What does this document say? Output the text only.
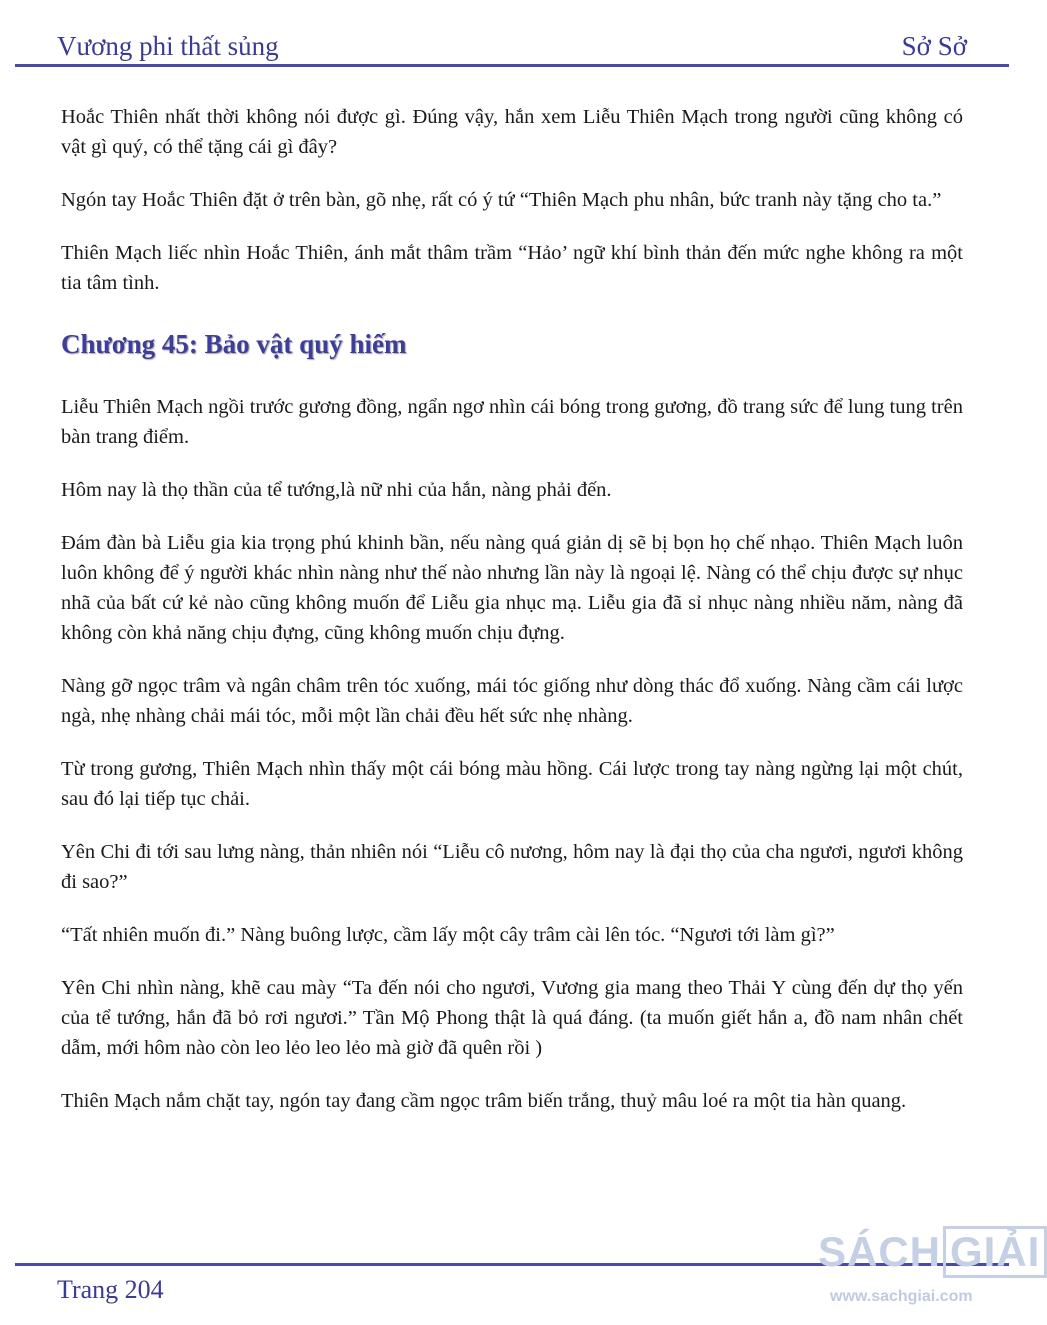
Vương phi thất sủng	Sở Sở

Hoắc Thiên nhất thời không nói được gì. Đúng vậy, hắn xem Liễu Thiên Mạch trong người cũng không có vật gì quý, có thể tặng cái gì đây?

Ngón tay Hoắc Thiên đặt ở trên bàn, gõ nhẹ, rất có ý tứ “Thiên Mạch phu nhân, bức tranh này tặng cho ta.”

Thiên Mạch liếc nhìn Hoắc Thiên, ánh mắt thâm trầm “Hảo’ ngữ khí bình thản đến mức nghe không ra một tia tâm tình.

Chương 45: Bảo vật quý hiếm

Liễu Thiên Mạch ngồi trước gương đồng, ngẩn ngơ nhìn cái bóng trong gương, đồ trang sức để lung tung trên bàn trang điểm.

Hôm nay là thọ thần của tể tướng,là nữ nhi của hắn, nàng phải đến.

Đám đàn bà Liễu gia kia trọng phú khinh bần, nếu nàng quá giản dị sẽ bị bọn họ chế nhạo. Thiên Mạch luôn luôn không để ý người khác nhìn nàng như thế nào nhưng lần này là ngoại lệ. Nàng có thể chịu được sự nhục nhã của bất cứ kẻ nào cũng không muốn để Liễu gia nhục mạ. Liễu gia đã sỉ nhục nàng nhiều năm, nàng đã không còn khả năng chịu đựng, cũng không muốn chịu đựng.

Nàng gỡ ngọc trâm và ngân châm trên tóc xuống, mái tóc giống như dòng thác đổ xuống. Nàng cầm cái lược ngà, nhẹ nhàng chải mái tóc, mỗi một lần chải đều hết sức nhẹ nhàng.

Từ trong gương, Thiên Mạch nhìn thấy một cái bóng màu hồng. Cái lược trong tay nàng ngừng lại một chút, sau đó lại tiếp tục chải.

Yên Chi đi tới sau lưng nàng, thản nhiên nói “Liễu cô nương, hôm nay là đại thọ của cha ngươi, ngươi không đi sao?”

“Tất nhiên muốn đi.” Nàng buông lược, cầm lấy một cây trâm cài lên tóc. “Ngươi tới làm gì?”

Yên Chi nhìn nàng, khẽ cau mày “Ta đến nói cho ngươi, Vương gia mang theo Thải Y cùng đến dự thọ yến của tể tướng, hắn đã bỏ rơi ngươi.” Tần Mộ Phong thật là quá đáng. (ta muốn giết hắn a, đồ nam nhân chết dẫm, mới hôm nào còn leo lẻo leo lẻo mà giờ đã quên rồi )

Thiên Mạch nắm chặt tay, ngón tay đang cầm ngọc trâm biến trắng, thuỷ mâu loé ra một tia hàn quang.

Trang 204
SÁCH GIẢI
www.sachgiai.com
